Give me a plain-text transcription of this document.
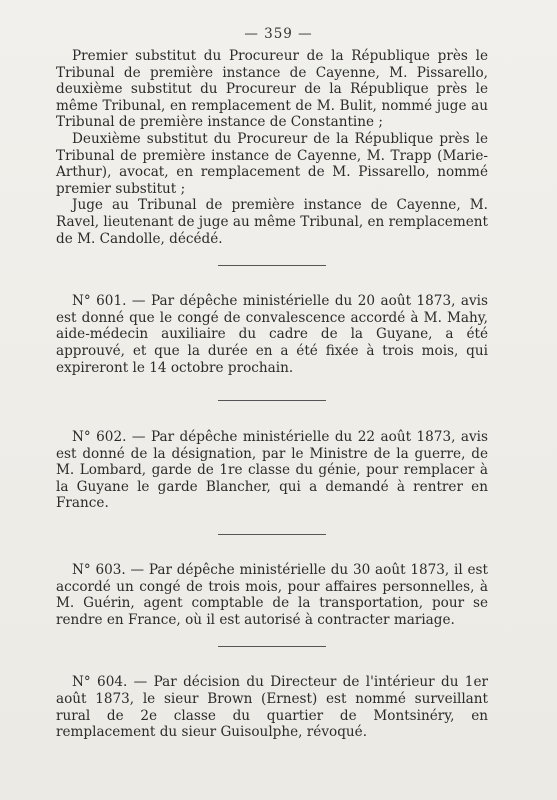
— 359 —

Premier substitut du Procureur de la République près le Tribunal de première instance de Cayenne, M. Pissarello, deuxième substitut du Procureur de la République près le même Tribunal, en remplacement de M. Bulit, nommé juge au Tribunal de première instance de Constantine ;

Deuxième substitut du Procureur de la République près le Tribunal de première instance de Cayenne, M. Trapp (Marie-Arthur), avocat, en remplacement de M. Pissarello, nommé premier substitut ;

Juge au Tribunal de première instance de Cayenne, M. Ravel, lieutenant de juge au même Tribunal, en remplacement de M. Candolle, décédé.

N° 601. — Par dépêche ministérielle du 20 août 1873, avis est donné que le congé de convalescence accordé à M. Mahy, aide-médecin auxiliaire du cadre de la Guyane, a été approuvé, et que la durée en a été fixée à trois mois, qui expireront le 14 octobre prochain.

N° 602. — Par dépêche ministérielle du 22 août 1873, avis est donné de la désignation, par le Ministre de la guerre, de M. Lombard, garde de 1re classe du génie, pour remplacer à la Guyane le garde Blancher, qui a demandé à rentrer en France.

N° 603. — Par dépêche ministérielle du 30 août 1873, il est accordé un congé de trois mois, pour affaires personnelles, à M. Guérin, agent comptable de la transportation, pour se rendre en France, où il est autorisé à contracter mariage.

N° 604. — Par décision du Directeur de l'intérieur du 1er août 1873, le sieur Brown (Ernest) est nommé surveillant rural de 2e classe du quartier de Montsinéry, en remplacement du sieur Guisoulphe, révoqué.
